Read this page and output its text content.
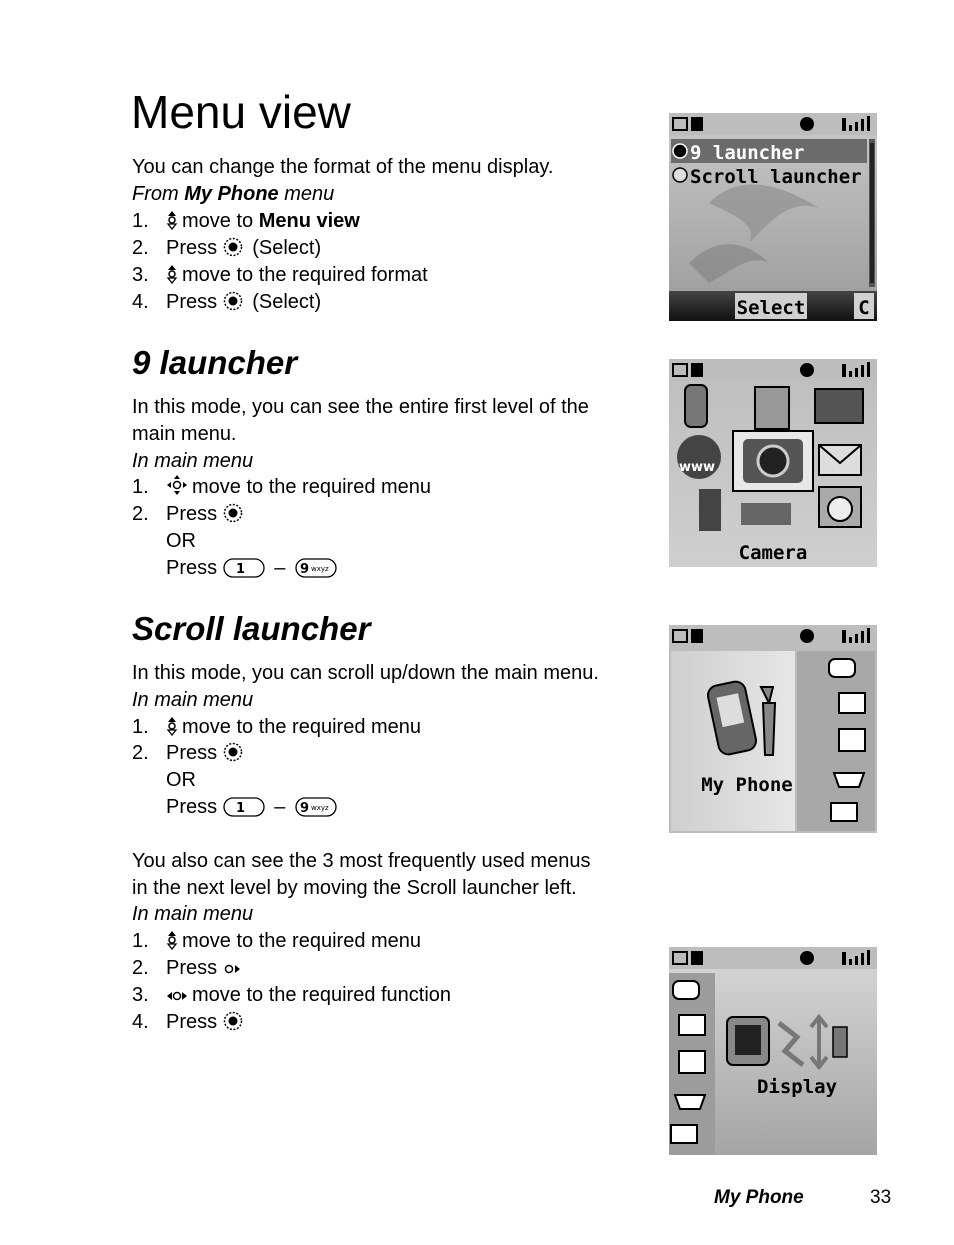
Menu view
You can change the format of the menu display.
From My Phone menu
1.	move to Menu view
2. Press  (Select)
3.	move to the required format
4. Press  (Select)
9 launcher
Scroll launcher
Select	C
9 launcher
In this mode, you can see the entire first level of the
main menu.
In main menu
1.	move to the required menu
2. Press
OR
Press 1 – 9 wxyz
www
Camera
Scroll launcher
In this mode, you can scroll up/down the main menu.
In main menu
1.	move to the required menu
2. Press
OR
Press 1 – 9 wxyz
You also can see the 3 most frequently used menus
in the next level by moving the Scroll launcher left.
In main menu
1.	move to the required menu
2. Press
3.	move to the required function
4. Press
My Phone
Display
My Phone	33
